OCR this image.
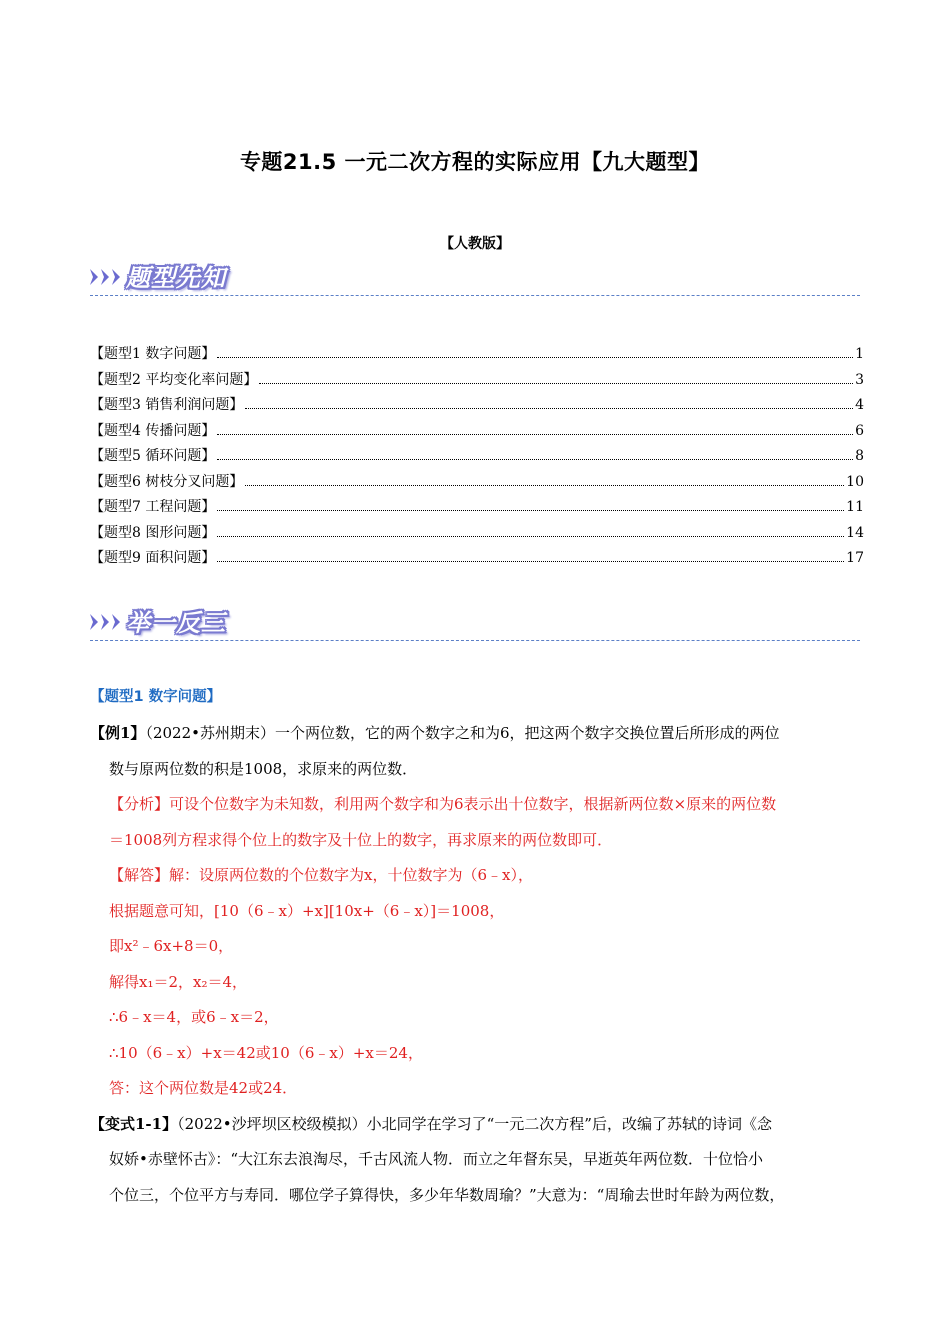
专题21.5 一元二次方程的实际应用【九大题型】
【人教版】
题型先知
【题型1 数字问题】	1
【题型2 平均变化率问题】	3
【题型3 销售利润问题】	4
【题型4 传播问题】	6
【题型5 循环问题】	8
【题型6 树枝分叉问题】	10
【题型7 工程问题】	11
【题型8 图形问题】	14
【题型9 面积问题】	17
举一反三
【题型1 数字问题】
【例1】（2022•苏州期末）一个两位数，它的两个数字之和为6，把这两个数字交换位置后所形成的两位
数与原两位数的积是1008，求原来的两位数．
【分析】可设个位数字为未知数，利用两个数字和为6表示出十位数字，根据新两位数×原来的两位数
＝1008列方程求得个位上的数字及十位上的数字，再求原来的两位数即可．
【解答】解：设原两位数的个位数字为x，十位数字为（6﹣x），
根据题意可知，[10（6﹣x）+x][10x+（6﹣x）]＝1008，
即x²﹣6x+8＝0，
解得x₁＝2，x₂＝4，
∴6﹣x＝4，或6﹣x＝2，
∴10（6﹣x）+x＝42或10（6﹣x）+x＝24，
答：这个两位数是42或24．
【变式1-1】（2022•沙坪坝区校级模拟）小北同学在学习了“一元二次方程”后，改编了苏轼的诗词《念
奴娇•赤壁怀古》：“大江东去浪淘尽，千古风流人物．而立之年督东吴，早逝英年两位数．十位恰小
个位三，个位平方与寿同．哪位学子算得快，多少年华数周瑜？”大意为：“周瑜去世时年龄为两位数，
